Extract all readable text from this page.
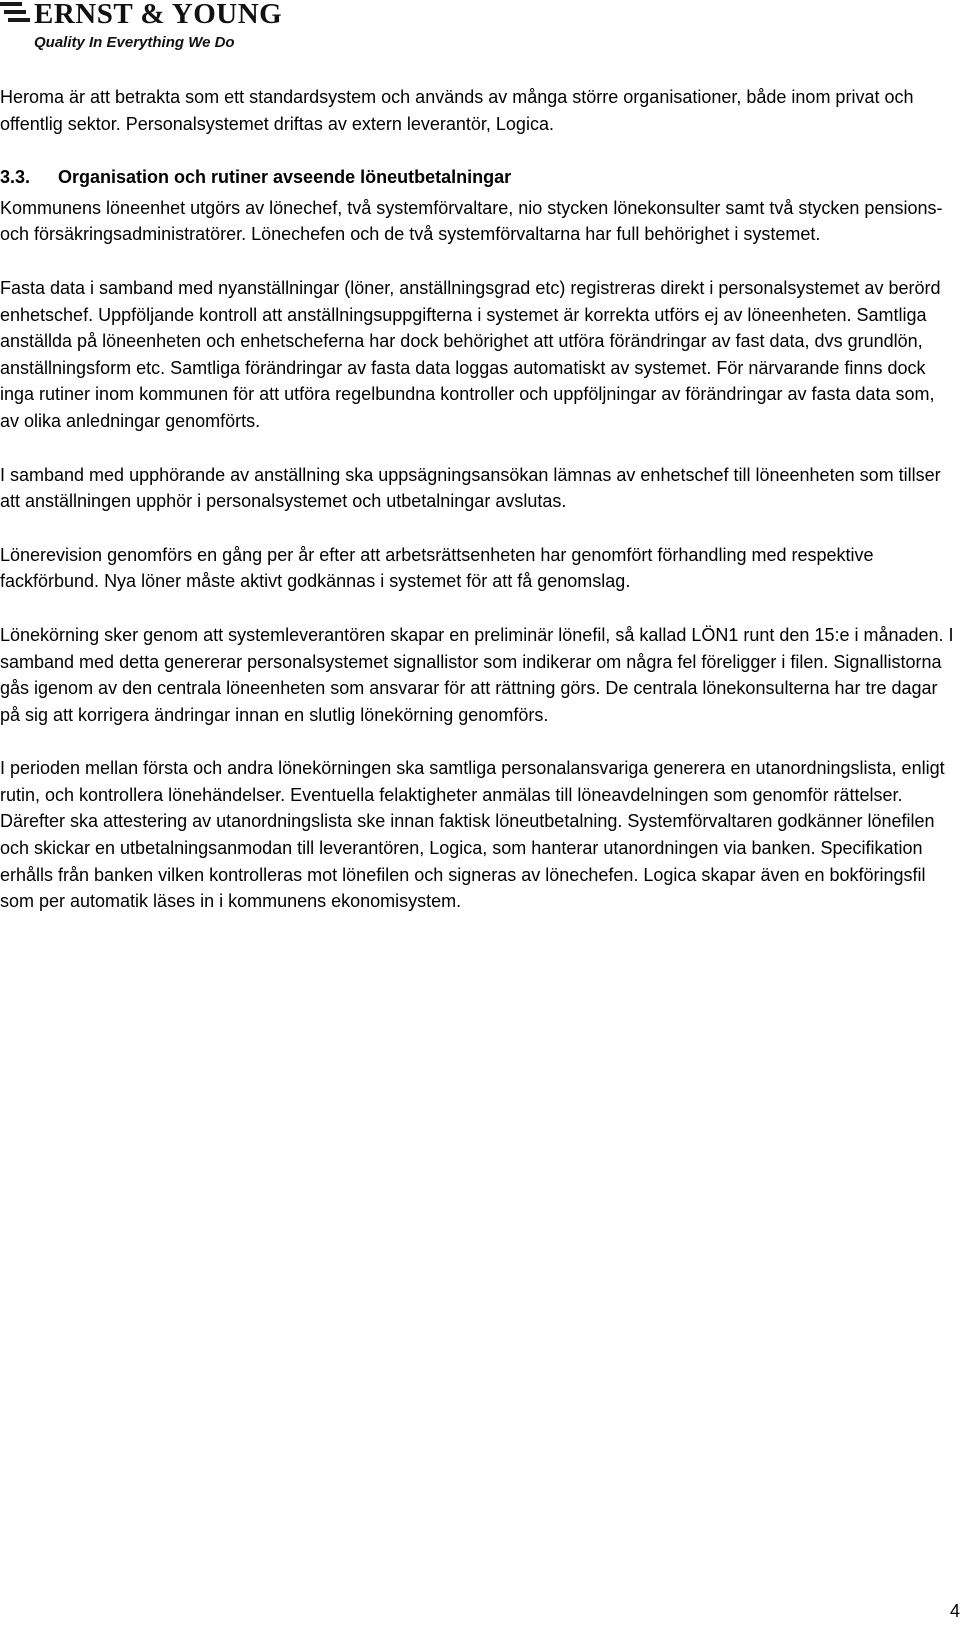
ERNST & YOUNG
Quality In Everything We Do

Heroma är att betrakta som ett standardsystem och används av många större organisationer, både inom privat och offentlig sektor. Personalsystemet driftas av extern leverantör, Logica.

3.3. Organisation och rutiner avseende löneutbetalningar

Kommunens löneenhet utgörs av lönechef, två systemförvaltare, nio stycken lönekonsulter samt två stycken pensions- och försäkringsadministratörer. Lönechefen och de två systemförvaltarna har full behörighet i systemet.

Fasta data i samband med nyanställningar (löner, anställningsgrad etc) registreras direkt i personalsystemet av berörd enhetschef. Uppföljande kontroll att anställningsuppgifterna i systemet är korrekta utförs ej av löneenheten. Samtliga anställda på löneenheten och enhetscheferna har dock behörighet att utföra förändringar av fast data, dvs grundlön, anställningsform etc. Samtliga förändringar av fasta data loggas automatiskt av systemet. För närvarande finns dock inga rutiner inom kommunen för att utföra regelbundna kontroller och uppföljningar av förändringar av fasta data som, av olika anledningar genomförts.

I samband med upphörande av anställning ska uppsägningsansökan lämnas av enhetschef till löneenheten som tillser att anställningen upphör i personalsystemet och utbetalningar avslutas.

Lönerevision genomförs en gång per år efter att arbetsrättsenheten har genomfört förhandling med respektive fackförbund. Nya löner måste aktivt godkännas i systemet för att få genomslag.

Lönekörning sker genom att systemleverantören skapar en preliminär lönefil, så kallad LÖN1 runt den 15:e i månaden. I samband med detta genererar personalsystemet signallistor som indikerar om några fel föreligger i filen. Signallistorna gås igenom av den centrala löneenheten som ansvarar för att rättning görs. De centrala lönekonsulterna har tre dagar på sig att korrigera ändringar innan en slutlig lönekörning genomförs.

I perioden mellan första och andra lönekörningen ska samtliga personalansvariga generera en utanordningslista, enligt rutin, och kontrollera lönehändelser. Eventuella felaktigheter anmälas till löneavdelningen som genomför rättelser. Därefter ska attestering av utanordningslista ske innan faktisk löneutbetalning. Systemförvaltaren godkänner lönefilen och skickar en utbetalningsanmodan till leverantören, Logica, som hanterar utanordningen via banken. Specifikation erhålls från banken vilken kontrolleras mot lönefilen och signeras av lönechefen. Logica skapar även en bokföringsfil som per automatik läses in i kommunens ekonomisystem.

4
